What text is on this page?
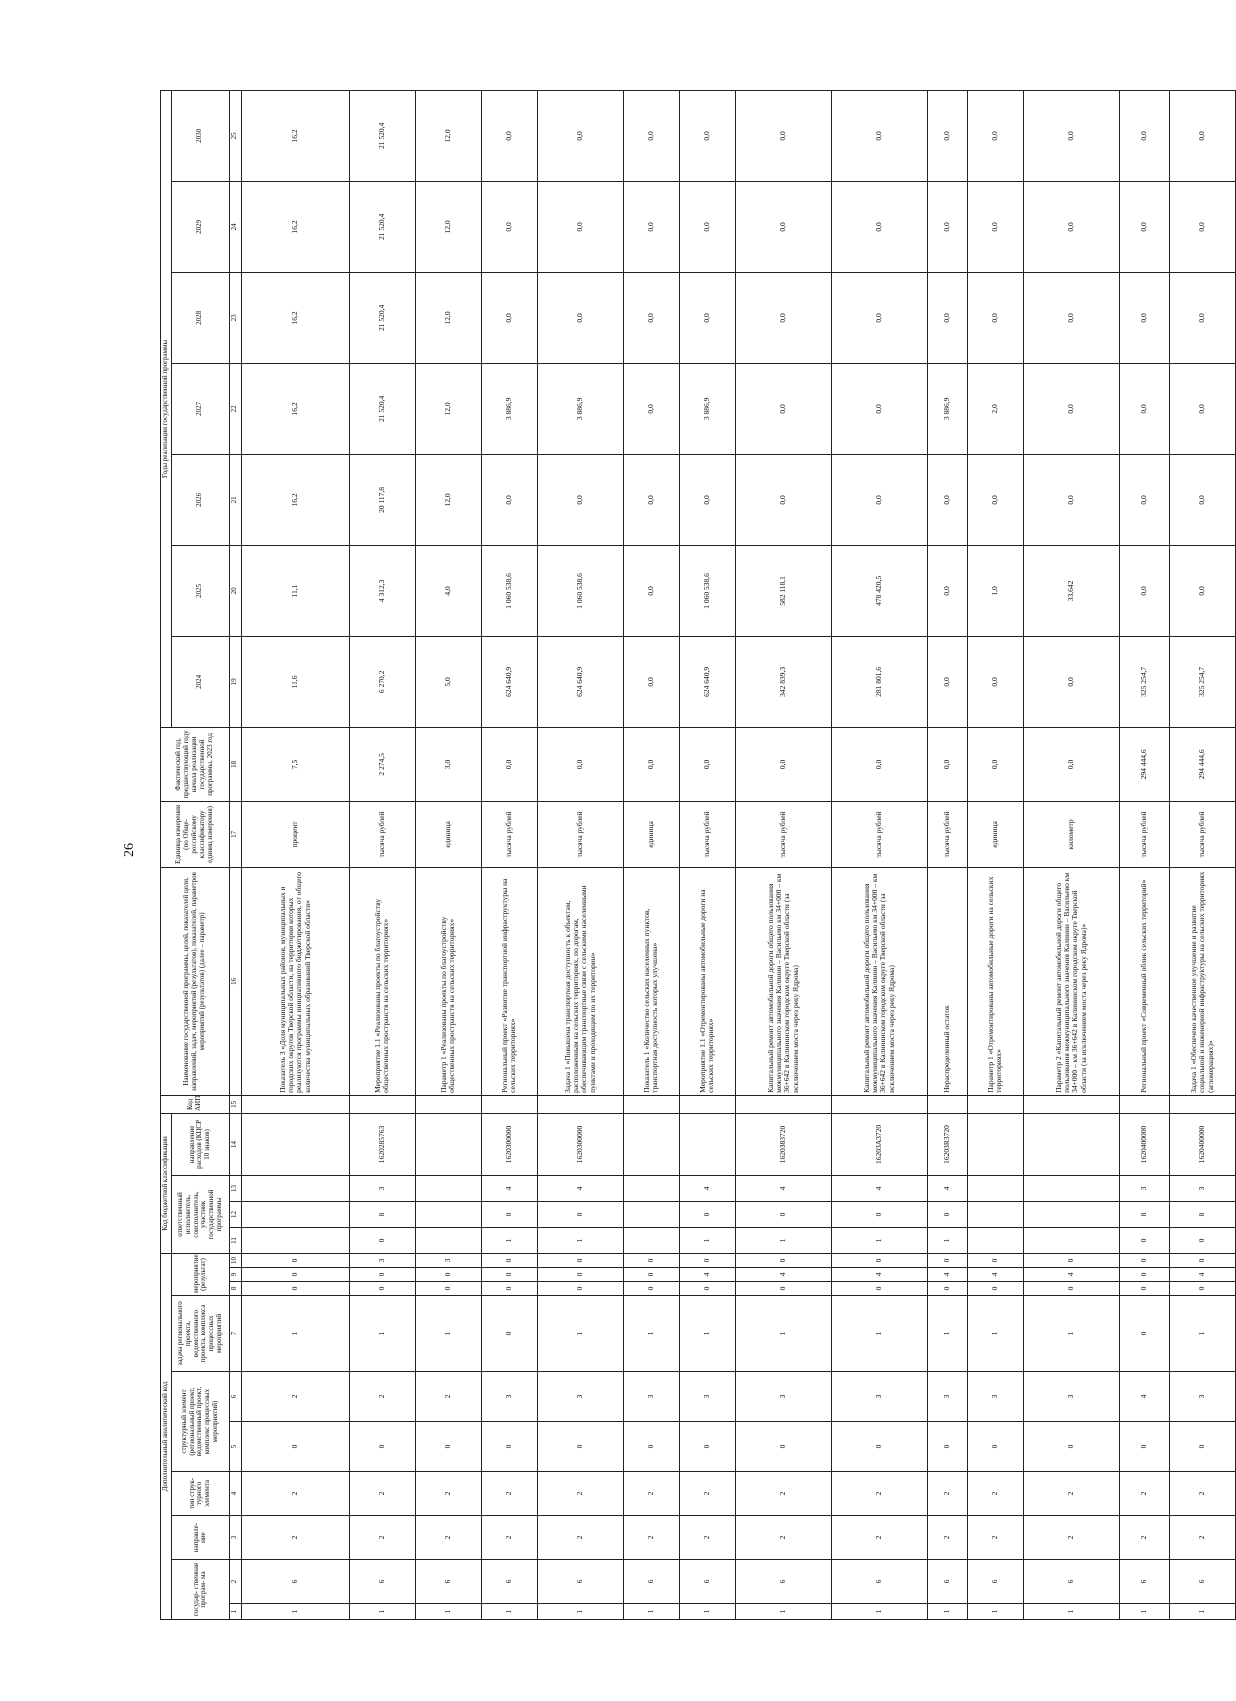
26
Дополнительный аналитический код										Код бюджетной классификации				Код АИП	Наименование государственной программы, целей, показателей цели, направлений, задач, мероприятий (результатов), показателей, параметров мероприятий (результатов) (далее – параметр)	Единица измерения (по Обще- российскому классификатору единиц измерения)	Фактический год, предшествующий году начала реализации государственной программы, 2023 год	Годы реализации государственной программы						
государ- ственная програм- ма		направле- ние	тип струк- турного элемента	структурный элемент (региональный проект, ведомственный проект, комплекс процессных мероприятий)		задача регионального проекта, ведомственного проекта, комплекса процессных мероприятий	мероприятие (результат)			ответственный исполнитель, соисполнитель, участник государственной программы			направление расходов (КЦСР 10 знаков)					2024	2025	2026	2027	2028	2029	2030

1	2	3	4	5	6	7	8	9	10	11	12	13	14	15	16	17	18	19	20	21	22	23	24	25
1	6	2	2	0	2	1	0	0	0						Показатель 3 «Доля муниципальных районов, муниципальных и городских округов Тверской области, на территории которых реализуются программы инициативного бюджетирования, от общего количества муниципальных образований Тверской области»	процент	7,5	11,6	11,1	16,2	16,2	16,2	16,2	16,2
1	6	2	2	0	2	1	0	0	3	0	8	3	1620285763		Мероприятие 1.1 «Реализованы проекты по благоустройству общественных пространств на сельских территориях»	тысяча рублей	2 274,5	6 270,2	4 312,3	20 117,8	21 520,4	21 520,4	21 520,4	21 520,4
1	6	2	2	0	2	1	0	0	3						Параметр 1 «Реализованы проекты по благоустройству общественных пространств на сельских территориях»	единица	3,0	5,0	4,0	12,0	12,0	12,0	12,0	12,0
1	6	2	2	0	3	0	0	0	0	1	0	4	1620300000		Региональный проект «Развитие транспортной инфраструктуры на сельских территориях»	тысяча рублей	0,0	624 640,9	1 060 538,6	0,0	3 886,9	0,0	0,0	0,0
1	6	2	2	0	3	1	0	0	0	1	0	4	1620300000		Задача 1 «Повышена транспортная доступность к объектам, расположенным на сельских территориях, по дорогам, обеспечивающим транспортные связи с сельскими населенными пунктами и проходящим по их территории»	тысяча рублей	0,0	624 640,9	1 060 538,6	0,0	3 886,9	0,0	0,0	0,0
1	6	2	2	0	3	1	0	0	0						Показатель 1 «Количество сельских населенных пунктов, транспортная доступность которых улучшена»	единица	0,0	0,0	0,0	0,0	0,0	0,0	0,0	0,0
1	6	2	2	0	3	1	0	4	0	1	0	4			Мероприятие 1.1 «Отремонтированы автомобильные дороги на сельских территориях»	тысяча рублей	0,0	624 640,9	1 060 538,6	0,0	3 886,9	0,0	0,0	0,0
1	6	2	2	0	3	1	0	4	0	1	0	4	1620383720		Капитальный ремонт автомобильной дороги общего пользования межмуниципального значения Калинин – Васильево км 34+000 – км 36+642 в Калининском городском округе Тверской области (за исключением моста через реку Ядрома)	тысяча рублей	0,0	342 839,3	582 118,1	0,0	0,0	0,0	0,0	0,0
1	6	2	2	0	3	1	0	4	0	1	0	4	16203А3720		Капитальный ремонт автомобильной дороги общего пользования межмуниципального значения Калинин – Васильево км 34+000 – км 36+642 в Калининском городском округе Тверской области (за исключением моста через реку Ядрома)	тысяча рублей	0,0	281 801,6	478 420,5	0,0	0,0	0,0	0,0	0,0
1	6	2	2	0	3	1	0	4	0	1	0	4	16203R3720		Нераспределенный остаток	тысяча рублей	0,0	0,0	0,0	0,0	3 886,9	0,0	0,0	0,0
1	6	2	2	0	3	1	0	4	0						Параметр 1 «Отремонтированы автомобильные дороги на сельских территориях»	единица	0,0	0,0	1,0	0,0	2,0	0,0	0,0	0,0
1	6	2	2	0	3	1	0	4	0						Параметр 2 «Капитальный ремонт автомобильной дороги общего пользования межмуниципального значения Калинин – Васильево км 34+000 – км 36+642 в Калининском городском округе Тверской области (за исключением моста через реку Ядрома)»	километр	0,0	0,0	33,642	0,0	0,0	0,0	0,0	0,0
1	6	2	2	0	4	0	0	0	0	0	8	3	1620400000		Региональный проект «Современный облик сельских территорий»	тысяча рублей	294 444,6	325 254,7	0,0	0,0	0,0	0,0	0,0	0,0
1	6	2	2	0	3	1	0	4	0	0	8	3	1620400000		Задача 1 «Обеспечено качественное улучшение и развитие социальной и инженерной инфраструктуры на сельских территориях (агломерациях)»	тысяча рублей	294 444,6	325 254,7	0,0	0,0	0,0	0,0	0,0	0,0
